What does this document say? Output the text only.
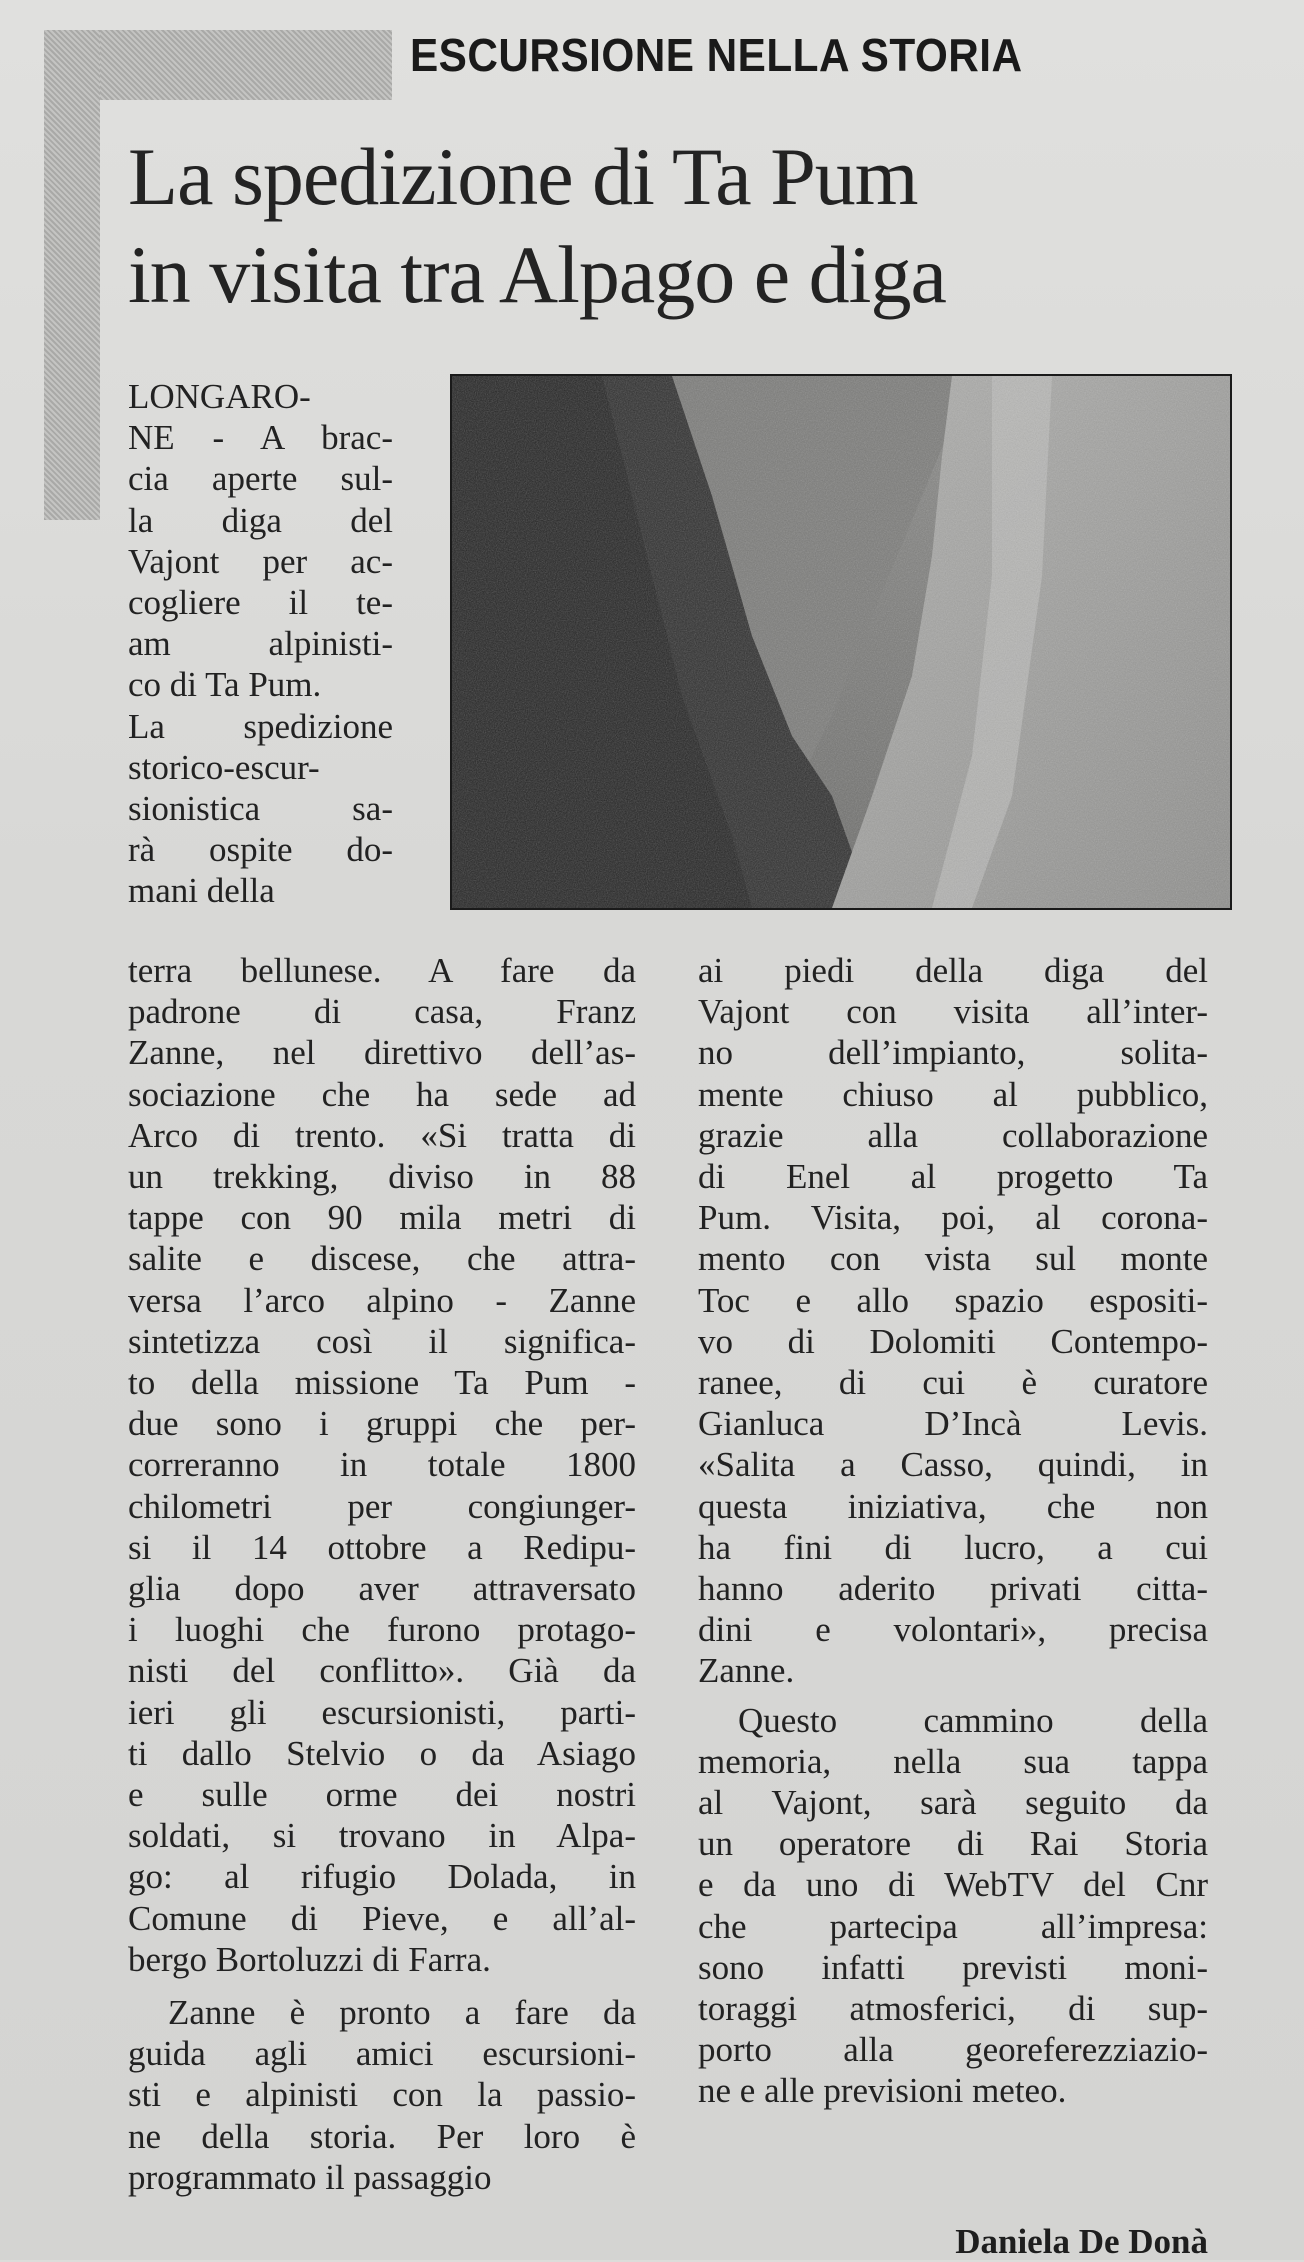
ESCURSIONE NELLA STORIA
La spedizione di Ta Pum
in visita tra Alpago e diga
LONGARO-
NE - A brac-
cia aperte sul-
la diga del
Vajont per ac-
cogliere il te-
am alpinisti-
co di Ta Pum.
La spedizione
storico-escur-
sionistica sa-
rà ospite do-
mani della
terra bellunese. A fare da
padrone di casa, Franz
Zanne, nel direttivo dell’as-
sociazione che ha sede ad
Arco di trento. «Si tratta di
un trekking, diviso in 88
tappe con 90 mila metri di
salite e discese, che attra-
versa l’arco alpino - Zanne
sintetizza così il significa-
to della missione Ta Pum -
due sono i gruppi che per-
correranno in totale 1800
chilometri per congiunger-
si il 14 ottobre a Redipu-
glia dopo aver attraversato
i luoghi che furono protago-
nisti del conflitto». Già da
ieri gli escursionisti, parti-
ti dallo Stelvio o da Asiago
e sulle orme dei nostri
soldati, si trovano in Alpa-
go: al rifugio Dolada, in
Comune di Pieve, e all’al-
bergo Bortoluzzi di Farra.

Zanne è pronto a fare da
guida agli amici escursioni-
sti e alpinisti con la passio-
ne della storia. Per loro è
programmato il passaggio
ai piedi della diga del
Vajont con visita all’inter-
no dell’impianto, solita-
mente chiuso al pubblico,
grazie alla collaborazione
di Enel al progetto Ta
Pum. Visita, poi, al corona-
mento con vista sul monte
Toc e allo spazio espositi-
vo di Dolomiti Contempo-
ranee, di cui è curatore
Gianluca D’Incà Levis.
«Salita a Casso, quindi, in
questa iniziativa, che non
ha fini di lucro, a cui
hanno aderito privati citta-
dini e volontari», precisa
Zanne.
Questo cammino della
memoria, nella sua tappa
al Vajont, sarà seguito da
un operatore di Rai Storia
e da uno di WebTV del Cnr
che partecipa all’impresa:
sono infatti previsti moni-
toraggi atmosferici, di sup-
porto alla georeferezziazio-
ne e alle previsioni meteo.
Daniela De Donà
